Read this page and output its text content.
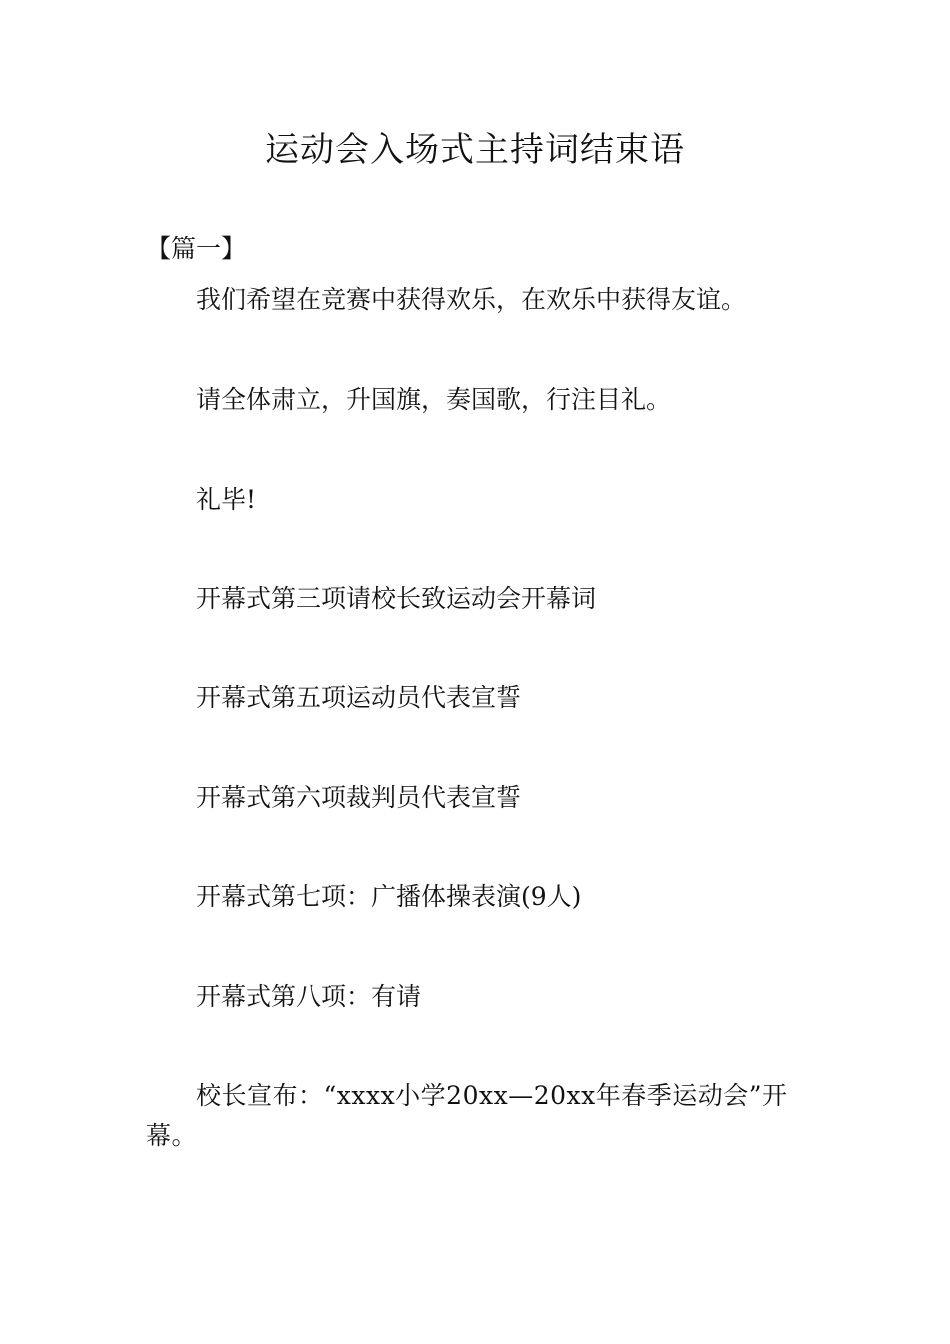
运动会入场式主持词结束语

【篇一】

我们希望在竞赛中获得欢乐，在欢乐中获得友谊。

请全体肃立，升国旗，奏国歌，行注目礼。

礼毕!

开幕式第三项请校长致运动会开幕词

开幕式第五项运动员代表宣誓

开幕式第六项裁判员代表宣誓

开幕式第七项：广播体操表演(9人)

开幕式第八项：有请

校长宣布：“xxxx小学20xx—20xx年春季运动会”开幕。
